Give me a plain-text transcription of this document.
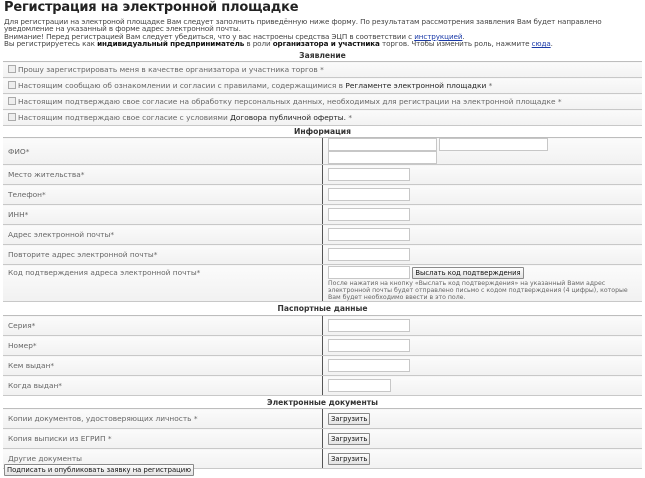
Регистрация на электронной площадке
Для регистрации на электроной площадке Вам следует заполнить приведённую ниже форму. По результатам рассмотрения заявления Вам будет направлено уведомление на указанный в форме адрес электронной почты.
Внимание! Перед регистрацией Вам следует убедиться, что у вас настроены средства ЭЦП в соответствии с инструкцией.
Вы регистрируетесь как индивидуальный предприниматель в роли организатора и участника торгов. Чтобы изменить роль, нажмите сюда.
Заявление	
Прошу зарегистрировать меня в качестве организатора и участника торгов *	
Настоящим сообщаю об ознакомлении и согласии с правилами, содержащимися в Регламенте электронной площадки *	
Настоящим подтверждаю свое согласие на обработку персональных данных, необходимых для регистрации на электронной площадке *	
Настоящим подтверждаю свое согласие с условиями Договора публичной оферты. *	
Информация	
ФИО*	
Место жительства*	
Телефон*	
ИНН*	
Адрес электронной почты*	
Повторите адрес электронной почты*	
Код подтверждения адреса электронной почты*	Выслать код подтверждения
После нажатия на кнопку «Выслать код подтверждения» на указанный Вами адрес электронной почты будет отправлено письмо с кодом подтверждения (4 цифры), которые Вам будет необходимо ввести в это поле.

Паспортные данные	
Серия*	
Номер*	
Кем выдан*	
Когда выдан*	
Электронные документы	
Копии документов, удостоверяющих личность *	Загрузить
Копия выписки из ЕГРИП *	Загрузить
Другие документы	Загрузить
Подписать и опубликовать заявку на регистрацию
